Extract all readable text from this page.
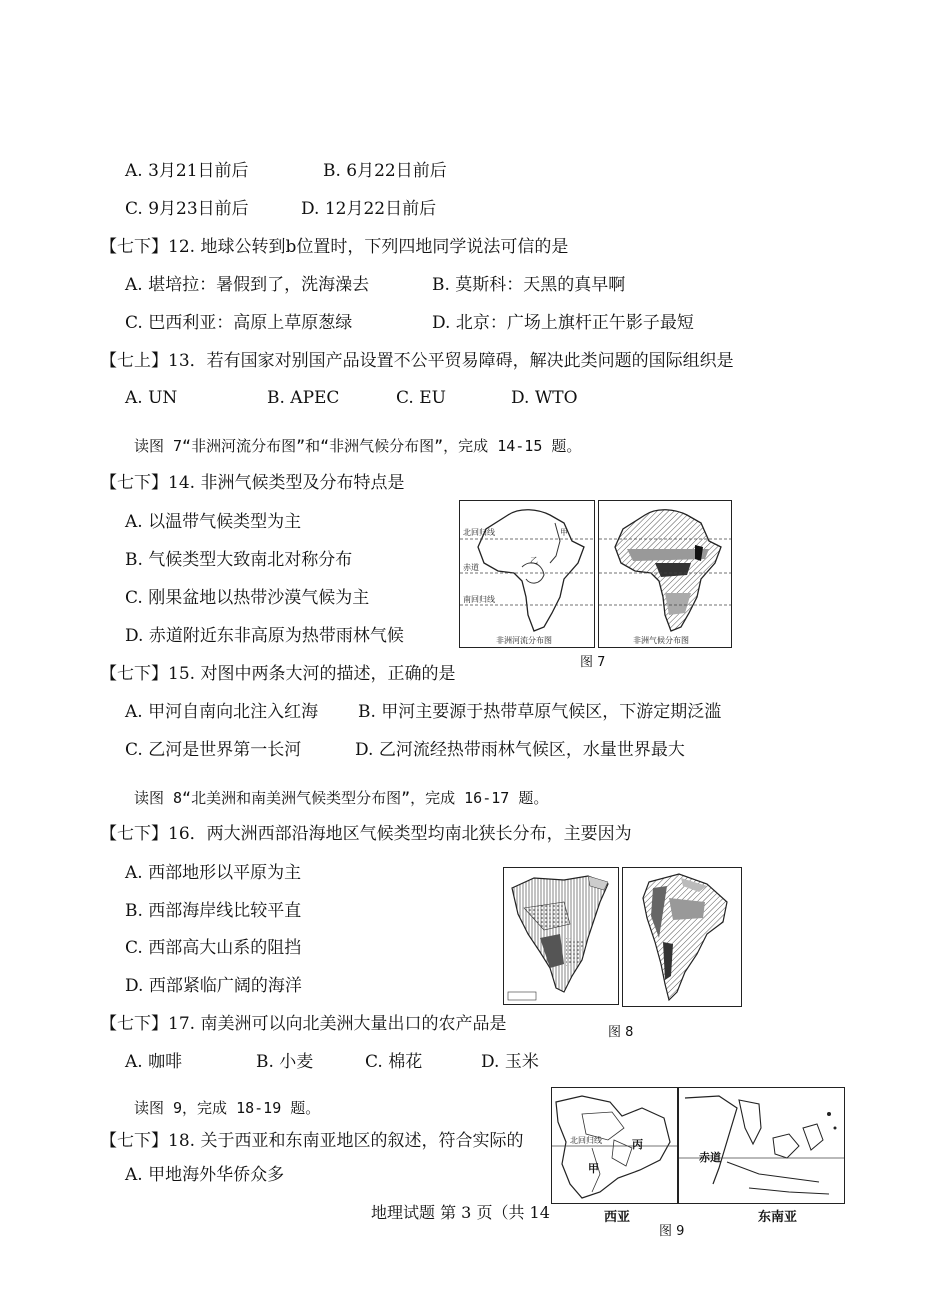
A. 3月21日前后	B. 6月22日前后
C. 9月23日前后	D. 12月22日前后
【七下】12. 地球公转到b位置时，下列四地同学说法可信的是
A. 堪培拉：暑假到了，洗海澡去	B. 莫斯科：天黑的真早啊
C. 巴西利亚：高原上草原葱绿	D. 北京：广场上旗杆正午影子最短
【七上】13．若有国家对别国产品设置不公平贸易障碍，解决此类问题的国际组织是
A. UN	B. APEC	C. EU	D. WTO
读图 7“非洲河流分布图”和“非洲气候分布图”，完成 14-15 题。
【七下】14. 非洲气候类型及分布特点是
A. 以温带气候类型为主
B. 气候类型大致南北对称分布
C. 刚果盆地以热带沙漠气候为主
D. 赤道附近东非高原为热带雨林气候
北回归线
赤道
南回归线
甲
乙
非洲河流分布图	非洲气候分布图
图 7
【七下】15. 对图中两条大河的描述，正确的是
A. 甲河自南向北注入红海 B. 甲河主要源于热带草原气候区，下游定期泛滥
C. 乙河是世界第一长河	D. 乙河流经热带雨林气候区，水量世界最大
读图 8“北美洲和南美洲气候类型分布图”，完成 16-17 题。
【七下】16．两大洲西部沿海地区气候类型均南北狭长分布，主要因为
A. 西部地形以平原为主
B. 西部海岸线比较平直
C. 西部高大山系的阻挡
D. 西部紧临广阔的海洋
图 8
【七下】17. 南美洲可以向北美洲大量出口的农产品是
A. 咖啡	B. 小麦	C. 棉花	D. 玉米
读图 9，完成 18-19 题。
【七下】18. 关于西亚和东南亚地区的叙述，符合实际的
A. 甲地海外华侨众多
北回归线	丙
甲
赤道
西亚	东南亚
图 9
地理试题 第 3 页（共 14
